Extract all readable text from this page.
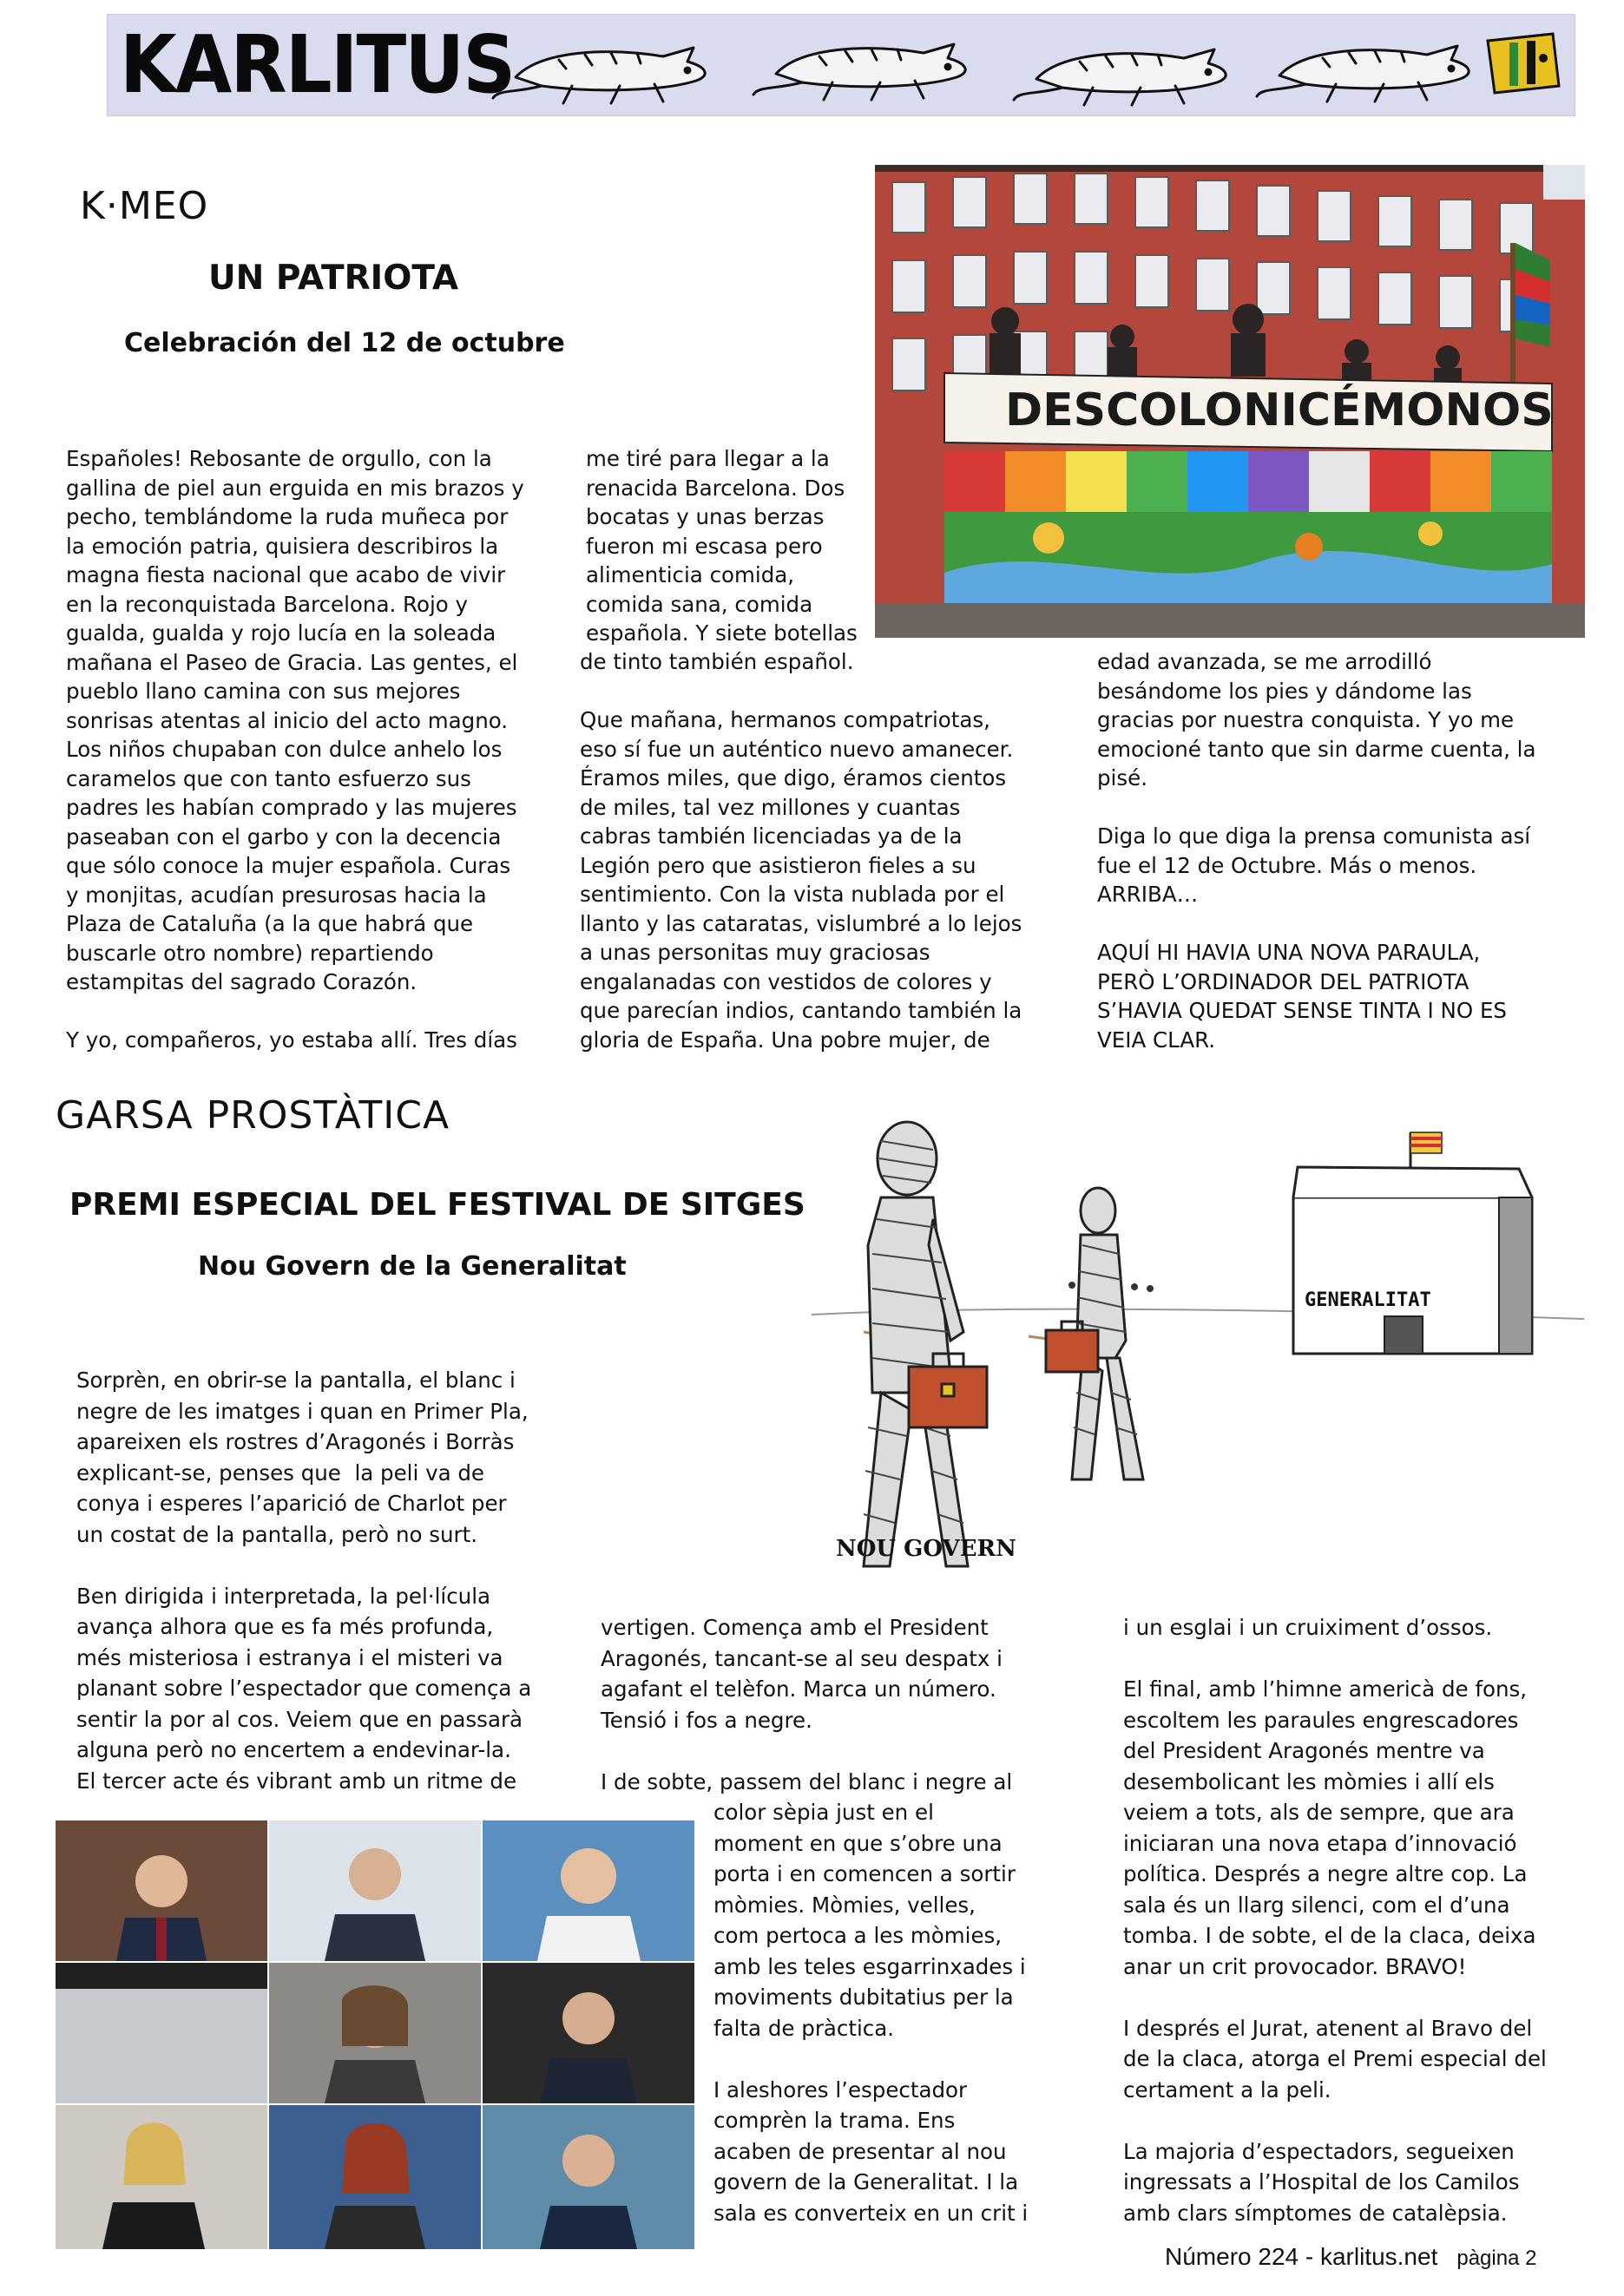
KARLITUS
K·MEO
UN PATRIOTA
Celebración del 12 de octubre

Españoles! Rebosante de orgullo, con la
gallina de piel aun erguida en mis brazos y
pecho, temblándome la ruda muñeca por
la emoción patria, quisiera describiros la
magna fiesta nacional que acabo de vivir
en la reconquistada Barcelona. Rojo y
gualda, gualda y rojo lucía en la soleada
mañana el Paseo de Gracia. Las gentes, el
pueblo llano camina con sus mejores
sonrisas atentas al inicio del acto magno.
Los niños chupaban con dulce anhelo los
caramelos que con tanto esfuerzo sus
padres les habían comprado y las mujeres
paseaban con el garbo y con la decencia
que sólo conoce la mujer española. Curas
y monjitas, acudían presurosas hacia la
Plaza de Cataluña (a la que habrá que
buscarle otro nombre) repartiendo
estampitas del sagrado Corazón.

Y yo, compañeros, yo estaba allí. Tres días

me tiré para llegar a la
renacida Barcelona. Dos
bocatas y unas berzas
fueron mi escasa pero
alimenticia comida,
comida sana, comida
española. Y siete botellas

de tinto también español.

Que mañana, hermanos compatriotas,
eso sí fue un auténtico nuevo amanecer.
Éramos miles, que digo, éramos cientos
de miles, tal vez millones y cuantas
cabras también licenciadas ya de la
Legión pero que asistieron fieles a su
sentimiento. Con la vista nublada por el
llanto y las cataratas, vislumbré a lo lejos
a unas personitas muy graciosas
engalanadas con vestidos de colores y
que parecían indios, cantando también la
gloria de España. Una pobre mujer, de

edad avanzada, se me arrodilló
besándome los pies y dándome las
gracias por nuestra conquista. Y yo me
emocioné tanto que sin darme cuenta, la
pisé.

Diga lo que diga la prensa comunista así
fue el 12 de Octubre. Más o menos.
ARRIBA…

AQUÍ HI HAVIA UNA NOVA PARAULA,
PERÒ L’ORDINADOR DEL PATRIOTA
S’HAVIA QUEDAT SENSE TINTA I NO ES
VEIA CLAR.

DESCOLONICÉMONOS
GARSA PROSTÀTICA
PREMI ESPECIAL DEL FESTIVAL DE SITGES
Nou Govern de la Generalitat

Sorprèn, en obrir-se la pantalla, el blanc i
negre de les imatges i quan en Primer Pla,
apareixen els rostres d’Aragonés i Borràs
explicant-se, penses que  la peli va de
conya i esperes l’aparició de Charlot per
un costat de la pantalla, però no surt.

Ben dirigida i interpretada, la pel·lícula
avança alhora que es fa més profunda,
més misteriosa i estranya i el misteri va
planant sobre l’espectador que comença a
sentir la por al cos. Veiem que en passarà
alguna però no encertem a endevinar-la.
El tercer acte és vibrant amb un ritme de

vertigen. Comença amb el President
Aragonés, tancant-se al seu despatx i
agafant el telèfon. Marca un número.
Tensió i fos a negre.

I de sobte, passem del blanc i negre al

color sèpia just en el
moment en que s’obre una
porta i en comencen a sortir
mòmies. Mòmies, velles,
com pertoca a les mòmies,
amb les teles esgarrinxades i
moviments dubitatius per la
falta de pràctica.

I aleshores l’espectador
comprèn la trama. Ens
acaben de presentar al nou
govern de la Generalitat. I la
sala es converteix en un crit i

i un esglai i un cruiximent d’ossos.

El final, amb l’himne americà de fons,
escoltem les paraules engrescadores
del President Aragonés mentre va
desembolicant les mòmies i allí els
veiem a tots, als de sempre, que ara
iniciaran una nova etapa d’innovació
política. Després a negre altre cop. La
sala és un llarg silenci, com el d’una
tomba. I de sobte, el de la claca, deixa
anar un crit provocador. BRAVO!

I després el Jurat, atenent al Bravo del
de la claca, atorga el Premi especial del
certament a la peli.

La majoria d’espectadors, segueixen
ingressats a l’Hospital de los Camilos
amb clars símptomes de catalèpsia.

GENERALITAT
NOU GOVERN
Número 224 - karlitus.net pàgina 2
